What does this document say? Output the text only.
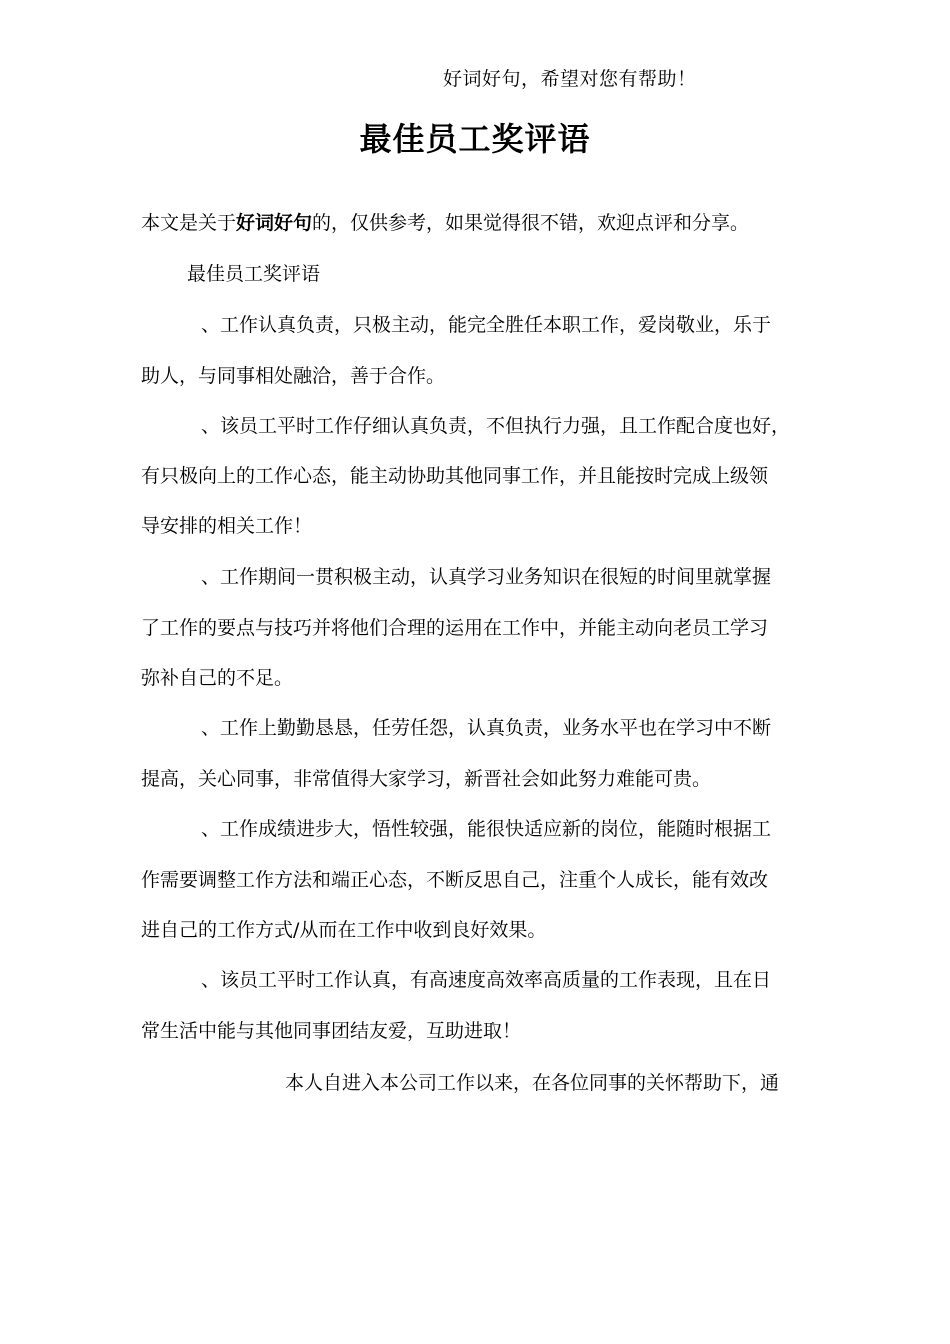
好词好句，希望对您有帮助！
最佳员工奖评语
本文是关于好词好句的，仅供参考，如果觉得很不错，欢迎点评和分享。
最佳员工奖评语
、工作认真负责，只极主动，能完全胜任本职工作，爱岗敬业，乐于
助人，与同事相处融洽，善于合作。
、该员工平时工作仔细认真负责，不但执行力强，且工作配合度也好，
有只极向上的工作心态，能主动协助其他同事工作，并且能按时完成上级领
导安排的相关工作！
、工作期间一贯积极主动，认真学习业务知识在很短的时间里就掌握
了工作的要点与技巧并将他们合理的运用在工作中，并能主动向老员工学习
弥补自己的不足。
、工作上勤勤恳恳，任劳任怨，认真负责，业务水平也在学习中不断
提高，关心同事，非常值得大家学习，新晋社会如此努力难能可贵。
、工作成绩进步大，悟性较强，能很快适应新的岗位，能随时根据工
作需要调整工作方法和端正心态，不断反思自己，注重个人成长，能有效改
进自己的工作方式/从而在工作中收到良好效果。
、该员工平时工作认真，有高速度高效率高质量的工作表现，且在日
常生活中能与其他同事团结友爱，互助进取！
本人自进入本公司工作以来，在各位同事的关怀帮助下，通
